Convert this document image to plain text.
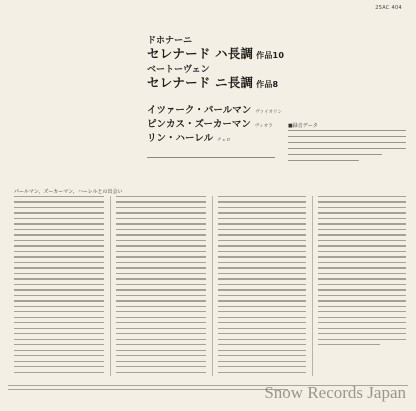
25AC 404
ドホナーニ
セレナード ハ長調 作品10
ベートーヴェン
セレナード ニ長調 作品8
イツァーク・パールマン ヴァイオリン
ピンカス・ズーカーマン ヴィオラ
リン・ハーレル チェロ
■録音データ
パールマン、ズーカーマン、ハーレルとの出会い
Snow Records Japan
